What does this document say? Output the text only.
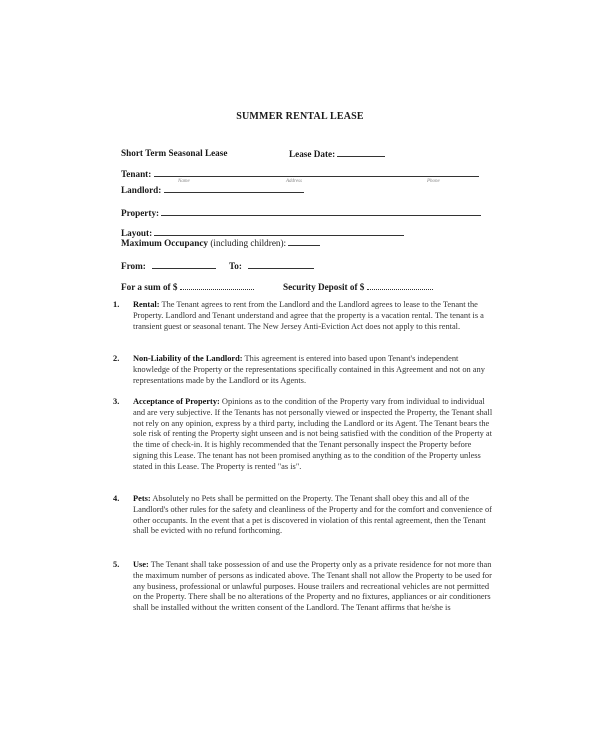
SUMMER RENTAL LEASE
Short Term Seasonal Lease	Lease Date:
Tenant:
Name	Address	Phone
Landlord:
Property:
Layout:
Maximum Occupancy (including children):
From:	To:
For a sum of $	Security Deposit of $
1. Rental: The Tenant agrees to rent from the Landlord and the Landlord agrees to lease to the Tenant the Property. Landlord and Tenant understand and agree that the property is a vacation rental. The tenant is a transient guest or seasonal tenant. The New Jersey Anti-Eviction Act does not apply to this rental.
2. Non-Liability of the Landlord: This agreement is entered into based upon Tenant's independent knowledge of the Property or the representations specifically contained in this Agreement and not on any representations made by the Landlord or its Agents.
3. Acceptance of Property: Opinions as to the condition of the Property vary from individual to individual and are very subjective. If the Tenants has not personally viewed or inspected the Property, the Tenant shall not rely on any opinion, express by a third party, including the Landlord or its Agent. The Tenant bears the sole risk of renting the Property sight unseen and is not being satisfied with the condition of the Property at the time of check-in. It is highly recommended that the Tenant personally inspect the Property before signing this Lease. The tenant has not been promised anything as to the condition of the Property unless stated in this Lease. The Property is rented "as is".
4. Pets: Absolutely no Pets shall be permitted on the Property. The Tenant shall obey this and all of the Landlord's other rules for the safety and cleanliness of the Property and for the comfort and convenience of other occupants. In the event that a pet is discovered in violation of this rental agreement, then the Tenant shall be evicted with no refund forthcoming.
5. Use: The Tenant shall take possession of and use the Property only as a private residence for not more than the maximum number of persons as indicated above. The Tenant shall not allow the Property to be used for any business, professional or unlawful purposes. House trailers and recreational vehicles are not permitted on the Property. There shall be no alterations of the Property and no fixtures, appliances or air conditioners shall be installed without the written consent of the Landlord. The Tenant affirms that he/she is
